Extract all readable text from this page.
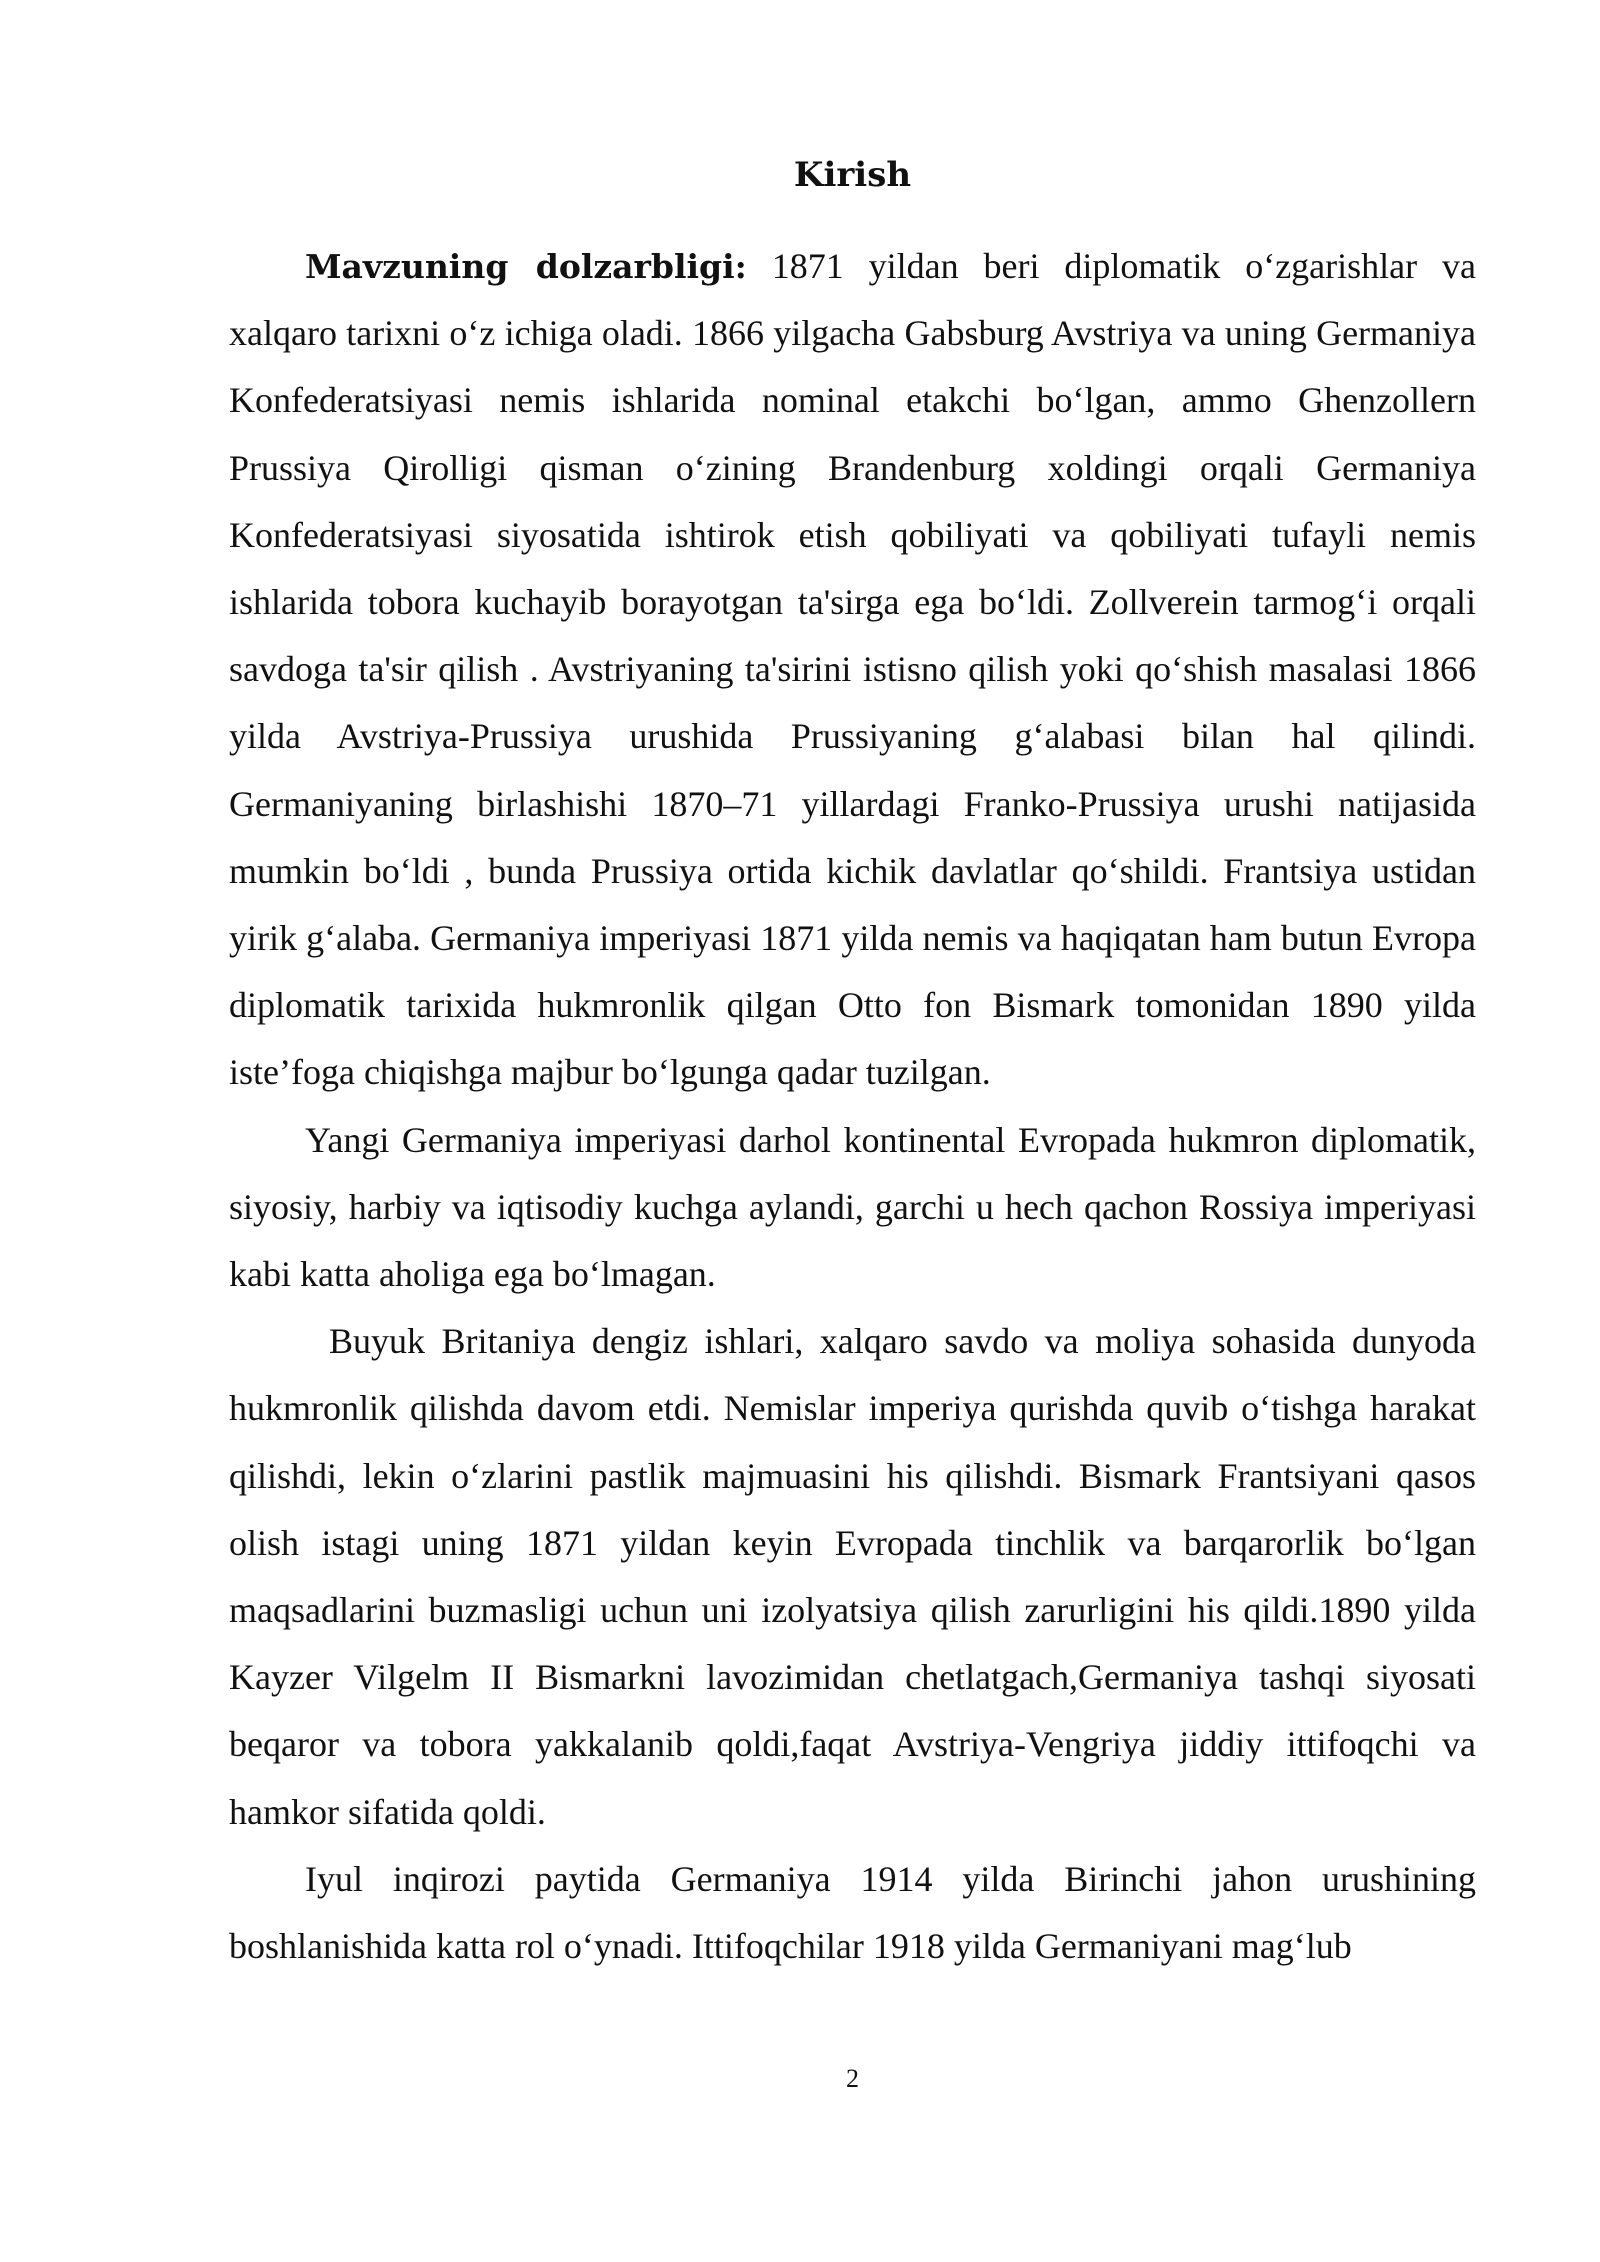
Kirish

Mavzuning dolzarbligi: 1871 yildan beri diplomatik o‘zgarishlar va xalqaro tarixni o‘z ichiga oladi. 1866 yilgacha Gabsburg Avstriya va uning Germaniya Konfederatsiyasi nemis ishlarida nominal etakchi bo‘lgan, ammo Ghenzollern Prussiya Qirolligi qisman o‘zining Brandenburg xoldingi orqali Germaniya Konfederatsiyasi siyosatida ishtirok etish qobiliyati va qobiliyati tufayli nemis ishlarida tobora kuchayib borayotgan ta'sirga ega bo‘ldi. Zollverein tarmog‘i orqali savdoga ta'sir qilish . Avstriyaning ta'sirini istisno qilish yoki qo‘shish masalasi 1866 yilda Avstriya-Prussiya urushida Prussiyaning g‘alabasi bilan hal qilindi. Germaniyaning birlashishi 1870–71 yillardagi Franko-Prussiya urushi natijasida mumkin bo‘ldi , bunda Prussiya ortida kichik davlatlar qo‘shildi. Frantsiya ustidan yirik g‘alaba. Germaniya imperiyasi 1871 yilda nemis va haqiqatan ham butun Evropa diplomatik tarixida hukmronlik qilgan Otto fon Bismark tomonidan 1890 yilda iste’foga chiqishga majbur bo‘lgunga qadar tuzilgan.

Yangi Germaniya imperiyasi darhol kontinental Evropada hukmron diplomatik, siyosiy, harbiy va iqtisodiy kuchga aylandi, garchi u hech qachon Rossiya imperiyasi kabi katta aholiga ega bo‘lmagan.

Buyuk Britaniya dengiz ishlari, xalqaro savdo va moliya sohasida dunyoda hukmronlik qilishda davom etdi. Nemislar imperiya qurishda quvib o‘tishga harakat qilishdi, lekin o‘zlarini pastlik majmuasini his qilishdi. Bismark Frantsiyani qasos olish istagi uning 1871 yildan keyin Evropada tinchlik va barqarorlik bo‘lgan maqsadlarini buzmasligi uchun uni izolyatsiya qilish zarurligini his qildi.1890 yilda Kayzer Vilgelm II Bismarkni lavozimidan chetlatgach,Germaniya tashqi siyosati beqaror va tobora yakkalanib qoldi,faqat Avstriya-Vengriya jiddiy ittifoqchi va hamkor sifatida qoldi.

Iyul inqirozi paytida Germaniya 1914 yilda Birinchi jahon urushining boshlanishida katta rol o‘ynadi. Ittifoqchilar 1918 yilda Germaniyani mag‘lub

2
